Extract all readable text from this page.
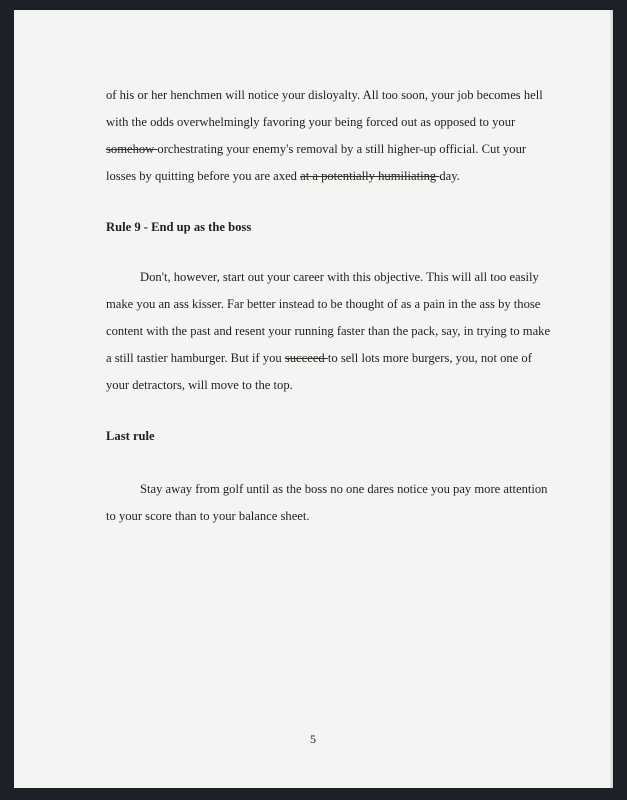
of his or her henchmen will notice your disloyalty. All too soon, your job becomes hell
with the odds overwhelmingly favoring your being forced out as opposed to your
somehow orchestrating your enemy's removal by a still higher-up official. Cut your
losses by quitting before you are axed at a potentially humiliating day.
Rule 9 - End up as the boss
Don't, however, start out your career with this objective. This will all too easily
make you an ass kisser. Far better instead to be thought of as a pain in the ass by those
content with the past and resent your running faster than the pack, say, in trying to make
a still tastier hamburger. But if you succeed to sell lots more burgers, you, not one of
your detractors, will move to the top.
Last rule
Stay away from golf until as the boss no one dares notice you pay more attention
to your score than to your balance sheet.
5
